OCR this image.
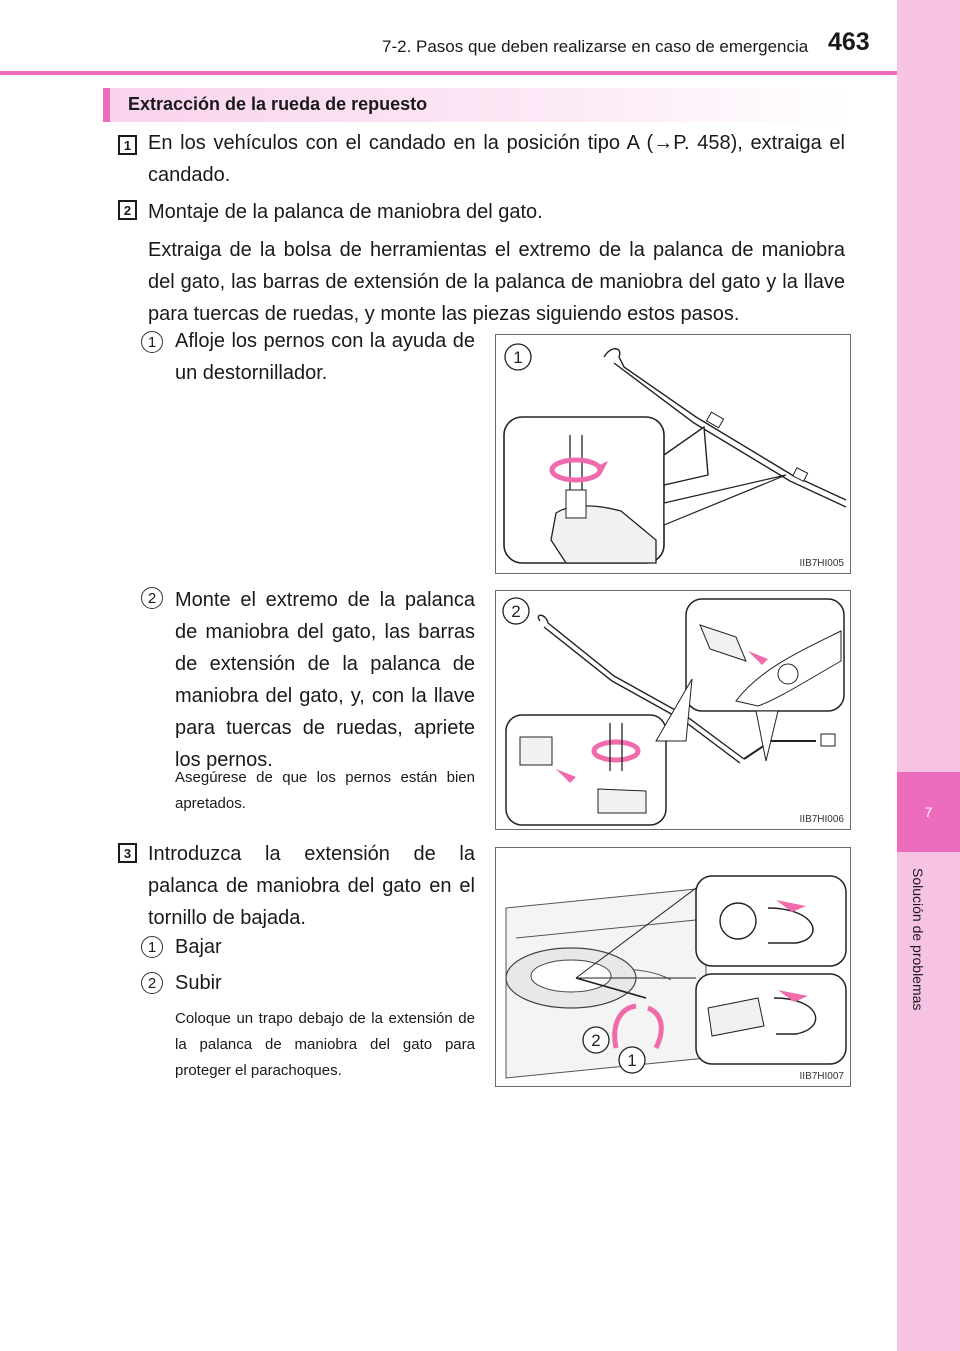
7
Solución de problemas
7-2. Pasos que deben realizarse en caso de emergencia 463
Extracción de la rueda de repuesto
1 En los vehículos con el candado en la posición tipo A (→P. 458), extraiga el candado.
2 Montaje de la palanca de maniobra del gato.
Extraiga de la bolsa de herramientas el extremo de la palanca de maniobra del gato, las barras de extensión de la palanca de maniobra del gato y la llave para tuercas de ruedas, y monte las piezas siguiendo estos pasos.
1 Afloje los pernos con la ayuda de un destornillador.
1
IIB7HI005
2 Monte el extremo de la palanca de maniobra del gato, las barras de extensión de la palanca de maniobra del gato, y, con la llave para tuercas de ruedas, apriete los pernos.
Asegúrese de que los pernos están bien apretados.
2
IIB7HI006
3 Introduzca la extensión de la palanca de maniobra del gato en el tornillo de bajada.
1 Bajar
2 Subir
Coloque un trapo debajo de la extensión de la palanca de maniobra del gato para proteger el parachoques.
2
1
IIB7HI007
